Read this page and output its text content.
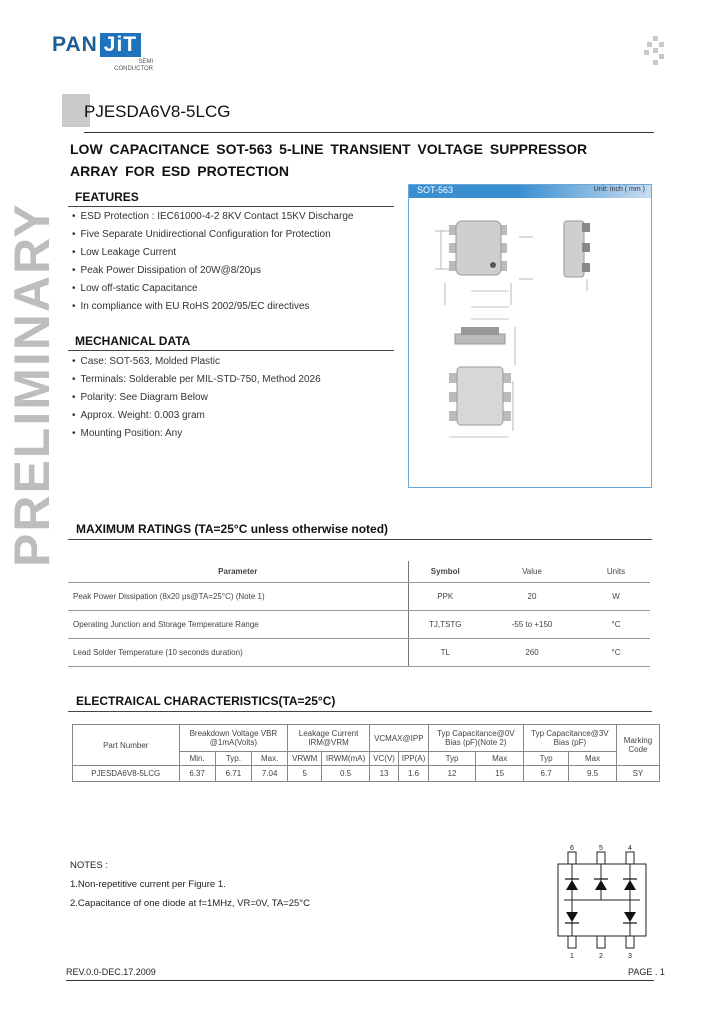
PAN JiT
SEMI
CONDUCTOR
PJESDA6V8-5LCG
LOW CAPACITANCE SOT-563 5-LINE TRANSIENT VOLTAGE SUPPRESSOR
ARRAY FOR ESD PROTECTION
PRELIMINARY
FEATURES
• ESD Protection : IEC61000-4-2 8KV Contact 15KV Discharge
• Five Separate Unidirectional Configuration for Protection
• Low Leakage Current
• Peak Power Dissipation of 20W@8/20μs
• Low off-static Capacitance
• In compliance with EU RoHS 2002/95/EC directives
MECHANICAL DATA
• Case: SOT-563, Molded Plastic
• Terminals: Solderable per MIL-STD-750, Method 2026
• Polarity: See Diagram Below
• Approx. Weight: 0.003 gram
• Mounting Position: Any
SOT-563	Unit: inch ( mm )
MAXIMUM RATINGS (TA=25°C unless otherwise noted)
Parameter	Symbol	Value	Units
Peak Power Dissipation (8x20 μs@TA=25°C) (Note 1)	PPK	20	W
Operating Junction and Storage Temperature Range	TJ,TSTG	-55 to +150	°C
Lead Solder Temperature (10 seconds duration)	TL	260	°C
ELECTRAICAL CHARACTERISTICS(TA=25°C)
Part Number	Breakdown Voltage VBR @1mA(Volts)			Leakage Current IRM@VRM		VCMAX@IPP		Typ Capacitance@0V Bias (pF)(Note 2)		Typ Capacitance@3V Bias (pF)		Marking Code
	Min.	Typ.	Max.	VRWM	IRWM(mA)	VC(V)	IPP(A)	Typ	Max	Typ	Max	
PJESDA6V8-5LCG	6.37	6.71	7.04	5	0.5	13	1.6	12	15	6.7	9.5	SY
NOTES :
1.Non-repetitive current per Figure 1.
2.Capacitance of one diode at f=1MHz, VR=0V, TA=25°C
6	5	4
1	2	3
REV.0.0-DEC.17.2009	PAGE . 1
